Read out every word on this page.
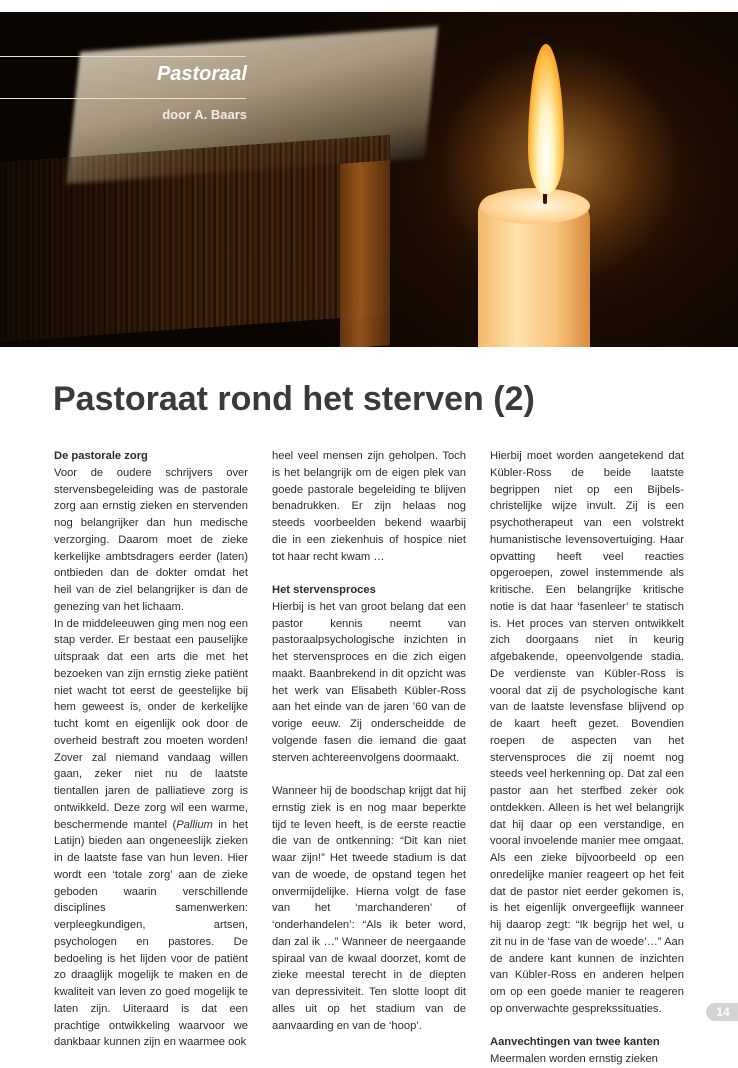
Pastoraal
door A. Baars
Pastoraat rond het sterven (2)

De pastorale zorg

Voor de oudere schrijvers over stervensbegeleiding was de pastorale zorg aan ernstig zieken en stervenden nog belangrijker dan hun medische verzorging. Daarom moet de zieke kerkelijke ambtsdragers eerder (laten) ontbieden dan de dokter omdat het heil van de ziel belangrijker is dan de genezing van het lichaam.

In de middeleeuwen ging men nog een stap verder. Er bestaat een pauselijke uitspraak dat een arts die met het bezoeken van zijn ernstig zieke patiënt niet wacht tot eerst de geestelijke bij hem geweest is, onder de kerkelijke tucht komt en eigenlijk ook door de overheid bestraft zou moeten worden! Zover zal niemand vandaag willen gaan, zeker niet nu de laatste tientallen jaren de palliatieve zorg is ontwikkeld. Deze zorg wil een warme, beschermende mantel (Pallium in het Latijn) bieden aan ongeneeslijk zieken in de laatste fase van hun leven. Hier wordt een ‘totale zorg’ aan de zieke geboden waarin verschillende disciplines samenwerken: verpleegkundigen, artsen, psychologen en pastores. De bedoeling is het lijden voor de patiënt zo draaglijk mogelijk te maken en de kwaliteit van leven zo goed mogelijk te laten zijn. Uiteraard is dat een prachtige ontwikkeling waarvoor we dankbaar kunnen zijn en waarmee ook

heel veel mensen zijn geholpen. Toch is het belangrijk om de eigen plek van goede pastorale begeleiding te blijven benadrukken. Er zijn helaas nog steeds voorbeelden bekend waarbij die in een ziekenhuis of hospice niet tot haar recht kwam …

Het stervensproces

Hierbij is het van groot belang dat een pastor kennis neemt van pastoraalpsychologische inzichten in het stervensproces en die zich eigen maakt. Baanbrekend in dit opzicht was het werk van Elisabeth Kübler-Ross aan het einde van de jaren ’60 van de vorige eeuw. Zij onderscheidde de volgende fasen die iemand die gaat sterven achtereenvolgens doormaakt.

Wanneer hij de boodschap krijgt dat hij ernstig ziek is en nog maar beperkte tijd te leven heeft, is de eerste reactie die van de ontkenning: “Dit kan niet waar zijn!” Het tweede stadium is dat van de woede, de opstand tegen het onvermijdelijke. Hierna volgt de fase van het ‘marchanderen’ of ‘onderhandelen’: “Als ik beter word, dan zal ik …” Wanneer de neergaande spiraal van de kwaal doorzet, komt de zieke meestal terecht in de diepten van depressiviteit. Ten slotte loopt dit alles uit op het stadium van de aanvaarding en van de ‘hoop’.

Hierbij moet worden aangetekend dat Kübler-Ross de beide laatste begrippen niet op een Bijbels-christelijke wijze invult. Zij is een psychotherapeut van een volstrekt humanistische levensovertuiging. Haar opvatting heeft veel reacties opgeroepen, zowel instemmende als kritische. Een belangrijke kritische notie is dat haar ‘fasenleer’ te statisch is. Het proces van sterven ontwikkelt zich doorgaans niet in keurig afgebakende, opeenvolgende stadia. De verdienste van Kübler-Ross is vooral dat zij de psychologische kant van de laatste levensfase blijvend op de kaart heeft gezet. Bovendien roepen de aspecten van het stervensproces die zij noemt nog steeds veel herkenning op. Dat zal een pastor aan het sterfbed zeker ook ontdekken. Alleen is het wel belangrijk dat hij daar op een verstandige, en vooral invoelende manier mee omgaat. Als een zieke bijvoorbeeld op een onredelijke manier reageert op het feit dat de pastor niet eerder gekomen is, is het eigenlijk onvergeeflijk wanneer hij daarop zegt: “Ik begrijp het wel, u zit nu in de ‘fase van de woede’…” Aan de andere kant kunnen de inzichten van Kübler-Ross en anderen helpen om op een goede manier te reageren op onverwachte gesprekssituaties.

Aanvechtingen van twee kanten

Meermalen worden ernstig zieken

14
